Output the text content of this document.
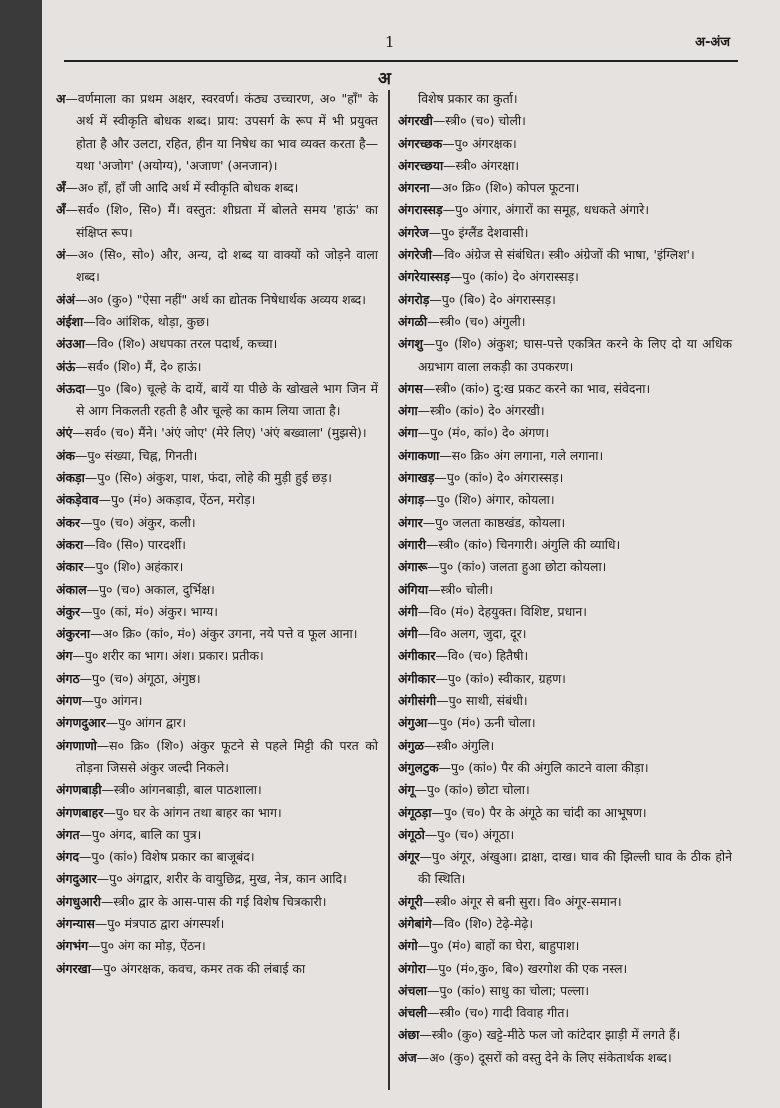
1	अ-अंज
अ

अ—वर्णमाला का प्रथम अक्षर, स्वरवर्ण। कंठ्य उच्चारण, अ० "हाँ" के अर्थ में स्वीकृति बोधक शब्द। प्राय: उपसर्ग के रूप में भी प्रयुक्त होता है और उलटा, रहित, हीन या निषेध का भाव व्यक्त करता है—यथा 'अजोग' (अयोग्य), 'अजाण' (अनजान)।

अँ—अ० हाँ, हाँ जी आदि अर्थ में स्वीकृति बोधक शब्द।

अँ—सर्व० (शि०, सि०) मैं। वस्तुत: शीघ्रता में बोलते समय 'हाऊं' का संक्षिप्त रूप।

अं—अ० (सि०, सो०) और, अन्य, दो शब्द या वाक्यों को जोड़ने वाला शब्द।

अंअं—अ० (कु०) "ऐसा नहीं" अर्थ का द्योतक निषेधार्थक अव्यय शब्द।

अंईशा—वि० आंशिक, थोड़ा, कुछ।

अंउआ—वि० (शि०) अधपका तरल पदार्थ, कच्चा।

अंऊं—सर्व० (शि०) मैं, दे० हाऊं।

अंऊदा—पु० (बि०) चूल्हे के दायें, बायें या पीछे के खोखले भाग जिन में से आग निकलती रहती है और चूल्हे का काम लिया जाता है।

अंएं—सर्व० (च०) मैंने। 'अंएं जोए' (मेरे लिए) 'अंएं बख्वाला' (मुझसे)।

अंक—पु० संख्या, चिह्न, गिनती।

अंकड़ा—पु० (सि०) अंकुश, पाश, फंदा, लोहे की मुड़ी हुई छड़।

अंकड़ेवाव—पु० (मं०) अकड़ाव, ऐंठन, मरोड़।

अंकर—पु० (च०) अंकुर, कली।

अंकरा—वि० (सि०) पारदर्शी।

अंकार—पु० (शि०) अहंकार।

अंकाल—पु० (च०) अकाल, दुर्भिक्ष।

अंकुर—पु० (कां, मं०) अंकुर। भाग्य।

अंकुरना—अ० क्रि० (कां०, मं०) अंकुर उगना, नये पत्ते व फूल आना।

अंग—पु० शरीर का भाग। अंश। प्रकार। प्रतीक।

अंगठ—पु० (च०) अंगूठा, अंगुष्ठ।

अंगण—पु० आंगन।

अंगणदुआर—पु० आंगन द्वार।

अंगणाणो—स० क्रि० (शि०) अंकुर फूटने से पहले मिट्टी की परत को तोड़ना जिससे अंकुर जल्दी निकले।

अंगणबाड़ी—स्त्री० आंगनबाड़ी, बाल पाठशाला।

अंगणबाहर—पु० घर के आंगन तथा बाहर का भाग।

अंगत—पु० अंगद, बालि का पुत्र।

अंगद—पु० (कां०) विशेष प्रकार का बाजूबंद।

अंगदुआर—पु० अंगद्वार, शरीर के वायुछिद्र, मुख, नेत्र, कान आदि।

अंगधुआरी—स्त्री० द्वार के आस-पास की गई विशेष चित्रकारी।

अंगन्यास—पु० मंत्रपाठ द्वारा अंगस्पर्श।

अंगभंग—पु० अंग का मोड़, ऐंठन।

अंगरखा—पु० अंगरक्षक, कवच, कमर तक की लंबाई का

विशेष प्रकार का कुर्ता।

अंगरखी—स्त्री० (च०) चोली।

अंगरच्छक—पु० अंगरक्षक।

अंगरच्छया—स्त्री० अंगरक्षा।

अंगरना—अ० क्रि० (शि०) कोपल फूटना।

अंगरास्सड़—पु० अंगार, अंगारों का समूह, धधकते अंगारे।

अंगरेज—पु० इंग्लैंड देशवासी।

अंगरेजी—वि० अंग्रेज से संबंधित। स्त्री० अंग्रेजों की भाषा, 'इंग्लिश'।

अंगरेयास्सड़—पु० (कां०) दे० अंगरास्सड़।

अंगरोड़—पु० (बि०) दे० अंगरास्सड़।

अंगळी—स्त्री० (च०) अंगुली।

अंगशु—पु० (शि०) अंकुश; घास-पत्ते एकत्रित करने के लिए दो या अधिक अग्रभाग वाला लकड़ी का उपकरण।

अंगस—स्त्री० (कां०) दु:ख प्रकट करने का भाव, संवेदना।

अंगा—स्त्री० (कां०) दे० अंगरखी।

अंगा—पु० (मं०, कां०) दे० अंगण।

अंगाकणा—स० क्रि० अंग लगाना, गले लगाना।

अंगाखड़—पु० (कां०) दे० अंगरास्सड़।

अंगाड़—पु० (शि०) अंगार, कोयला।

अंगार—पु० जलता काष्ठखंड, कोयला।

अंगारी—स्त्री० (कां०) चिनगारी। अंगुलि की व्याधि।

अंगारू—पु० (कां०) जलता हुआ छोटा कोयला।

अंगिया—स्त्री० चोली।

अंगी—वि० (मं०) देहयुक्त। विशिष्ट, प्रधान।

अंगी—वि० अलग, जुदा, दूर।

अंगीकार—वि० (च०) हितैषी।

अंगीकार—पु० (कां०) स्वीकार, ग्रहण।

अंगीसंगी—पु० साथी, संबंधी।

अंगुआ—पु० (मं०) ऊनी चोला।

अंगुळ—स्त्री० अंगुलि।

अंगुलटुक—पु० (कां०) पैर की अंगुलि काटने वाला कीड़ा।

अंगू—पु० (कां०) छोटा चोला।

अंगूठड़ा—पु० (च०) पैर के अंगूठे का चांदी का आभूषण।

अंगूठो—पु० (च०) अंगूठा।

अंगूर—पु० अंगूर, अंखुआ। द्राक्षा, दाख। घाव की झिल्ली घाव के ठीक होने की स्थिति।

अंगूरी—स्त्री० अंगूर से बनी सुरा। वि० अंगूर-समान।

अंगेबांगे—वि० (शि०) टेढ़े-मेढ़े।

अंगो—पु० (मं०) बाहों का घेरा, बाहुपाश।

अंगोरा—पु० (मं०,कु०, बि०) खरगोश की एक नस्ल।

अंचला—पु० (कां०) साधु का चोला; पल्ला।

अंचली—स्त्री० (च०) गादी विवाह गीत।

अंछा—स्त्री० (कु०) खट्टे-मीठे फल जो कांटेदार झाड़ी में लगते हैं।

अंज—अ० (कु०) दूसरों को वस्तु देने के लिए संकेतार्थक शब्द।
